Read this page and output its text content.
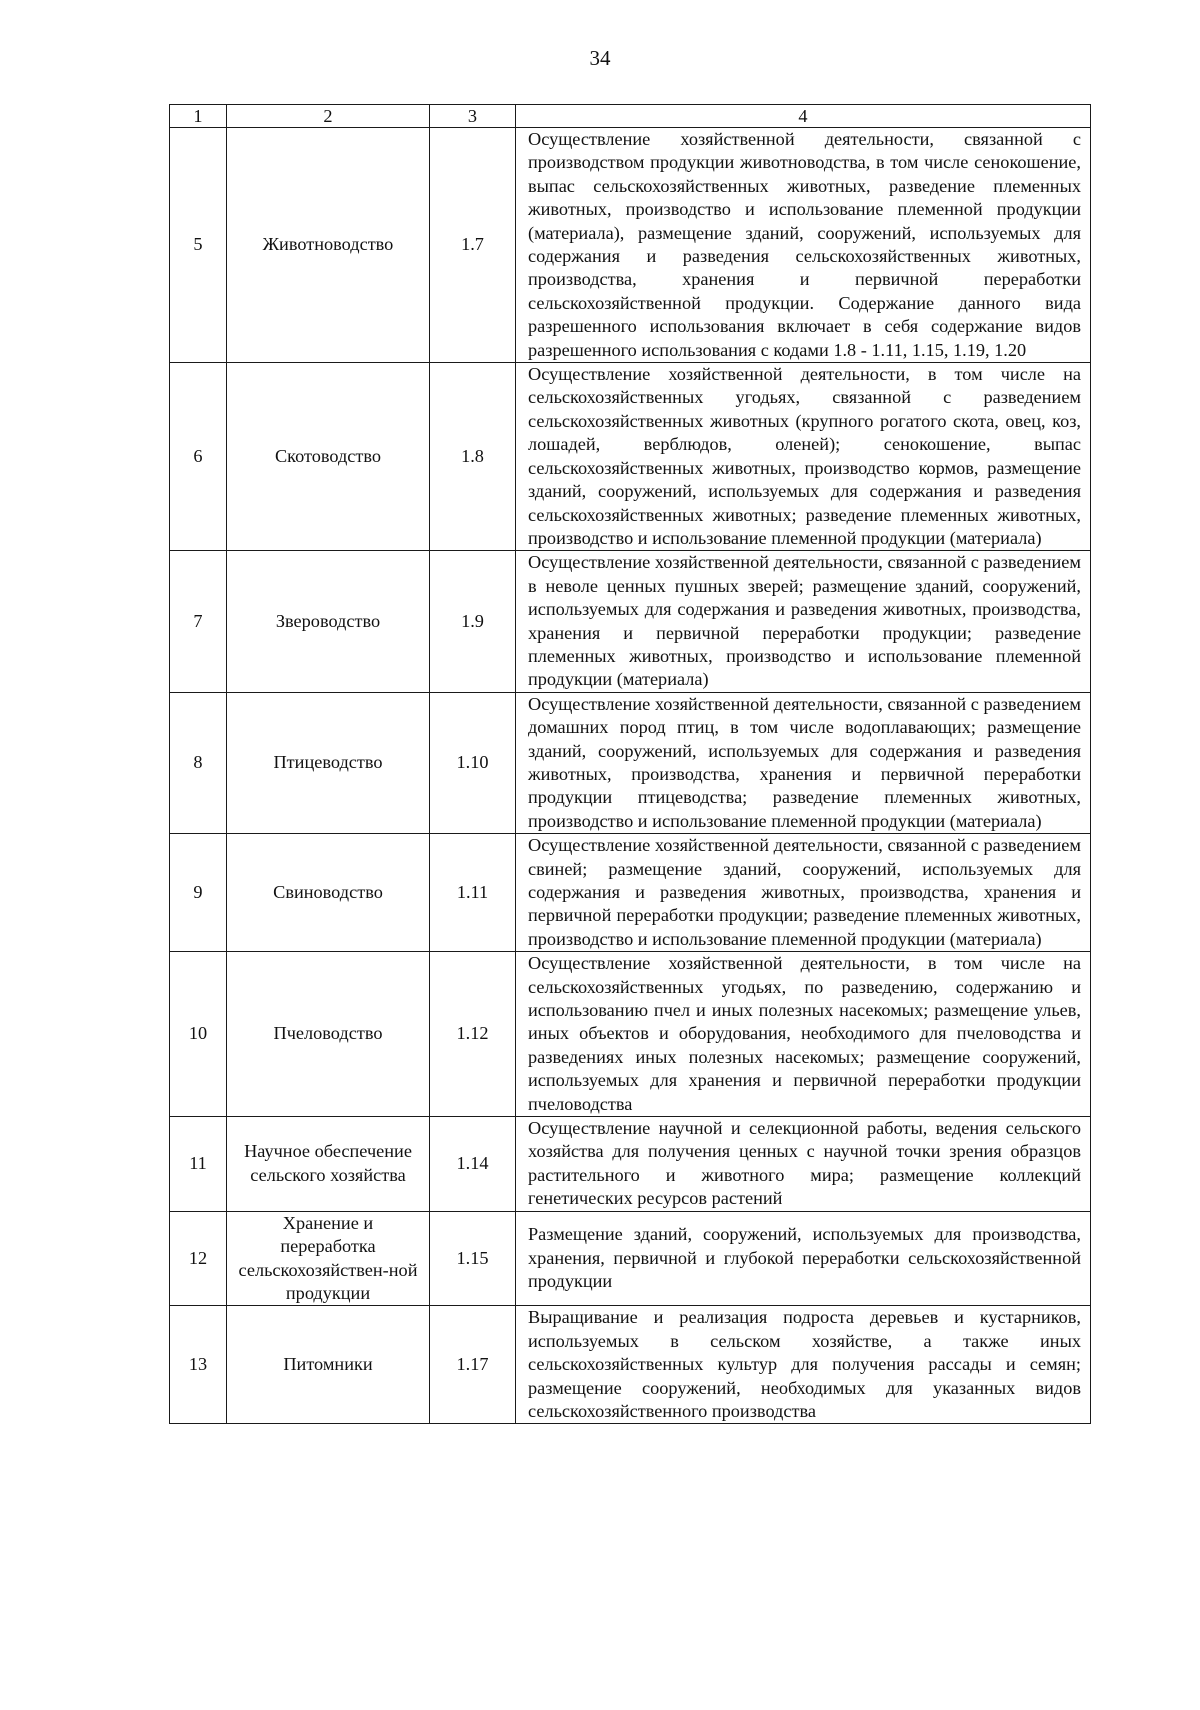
34
1	2	3	4
5	Животноводство	1.7	Осуществление хозяйственной деятельности, связанной с производством продукции животноводства, в том числе сенокошение, выпас сельскохозяйственных животных, разведение племенных животных, производство и использование племенной продукции (материала), размещение зданий, сооружений, используемых для содержания и разведения сельскохозяйственных животных, производства, хранения и первичной переработки сельскохозяйственной продукции. Содержание данного вида разрешенного использования включает в себя содержание видов разрешенного использования с кодами 1.8 - 1.11, 1.15, 1.19, 1.20
6	Скотоводство	1.8	Осуществление хозяйственной деятельности, в том числе на сельскохозяйственных угодьях, связанной с разведением сельскохозяйственных животных (крупного рогатого скота, овец, коз, лошадей, верблюдов, оленей); сенокошение, выпас сельскохозяйственных животных, производство кормов, размещение зданий, сооружений, используемых для содержания и разведения сельскохозяйственных животных; разведение племенных животных, производство и использование племенной продукции (материала)
7	Звероводство	1.9	Осуществление хозяйственной деятельности, связанной с разведением в неволе ценных пушных зверей; размещение зданий, сооружений, используемых для содержания и разведения животных, производства, хранения и первичной переработки продукции; разведение племенных животных, производство и использование племенной продукции (материала)
8	Птицеводство	1.10	Осуществление хозяйственной деятельности, связанной с разведением домашних пород птиц, в том числе водоплавающих; размещение зданий, сооружений, используемых для содержания и разведения животных, производства, хранения и первичной переработки продукции птицеводства; разведение племенных животных, производство и использование племенной продукции (материала)
9	Свиноводство	1.11	Осуществление хозяйственной деятельности, связанной с разведением свиней; размещение зданий, сооружений, используемых для содержания и разведения животных, производства, хранения и первичной переработки продукции; разведение племенных животных, производство и использование племенной продукции (материала)
10	Пчеловодство	1.12	Осуществление хозяйственной деятельности, в том числе на сельскохозяйственных угодьях, по разведению, содержанию и использованию пчел и иных полезных насекомых; размещение ульев, иных объектов и оборудования, необходимого для пчеловодства и разведениях иных полезных насекомых; размещение сооружений, используемых для хранения и первичной переработки продукции пчеловодства
11	Научное обеспечение сельского хозяйства	1.14	Осуществление научной и селекционной работы, ведения сельского хозяйства для получения ценных с научной точки зрения образцов растительного и животного мира; размещение коллекций генетических ресурсов растений
12	Хранение и переработка сельскохозяйствен-ной продукции	1.15	Размещение зданий, сооружений, используемых для производства, хранения, первичной и глубокой переработки сельскохозяйственной продукции
13	Питомники	1.17	Выращивание и реализация подроста деревьев и кустарников, используемых в сельском хозяйстве, а также иных сельскохозяйственных культур для получения рассады и семян; размещение сооружений, необходимых для указанных видов сельскохозяйственного производства
